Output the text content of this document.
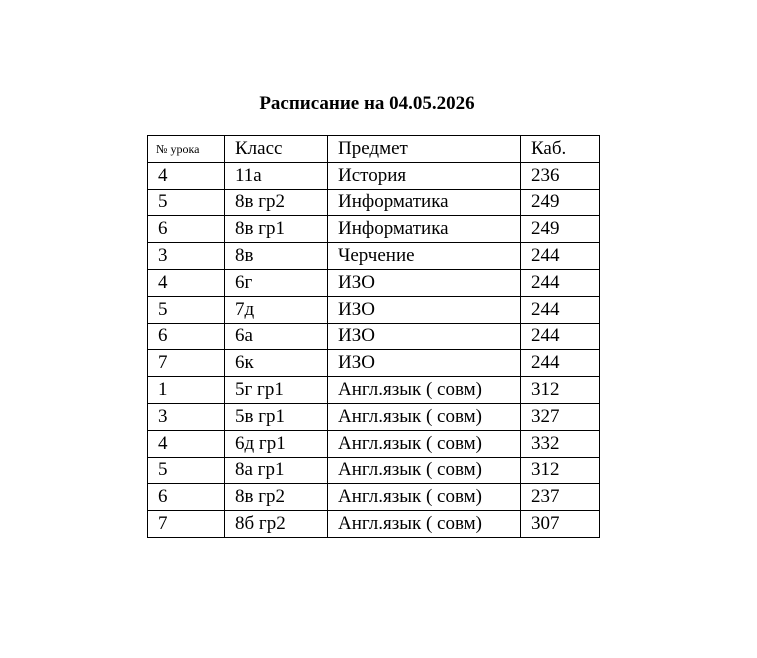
Расписание на 04.05.2026
№ урока	Класс	Предмет	Каб.
4	11а	История	236
5	8в гр2	Информатика	249
6	8в гр1	Информатика	249
3	8в	Черчение	244
4	6г	ИЗО	244
5	7д	ИЗО	244
6	6а	ИЗО	244
7	6к	ИЗО	244
1	5г гр1	Англ.язык ( совм)	312
3	5в гр1	Англ.язык ( совм)	327
4	6д гр1	Англ.язык ( совм)	332
5	8а гр1	Англ.язык ( совм)	312
6	8в гр2	Англ.язык ( совм)	237
7	8б гр2	Англ.язык ( совм)	307
